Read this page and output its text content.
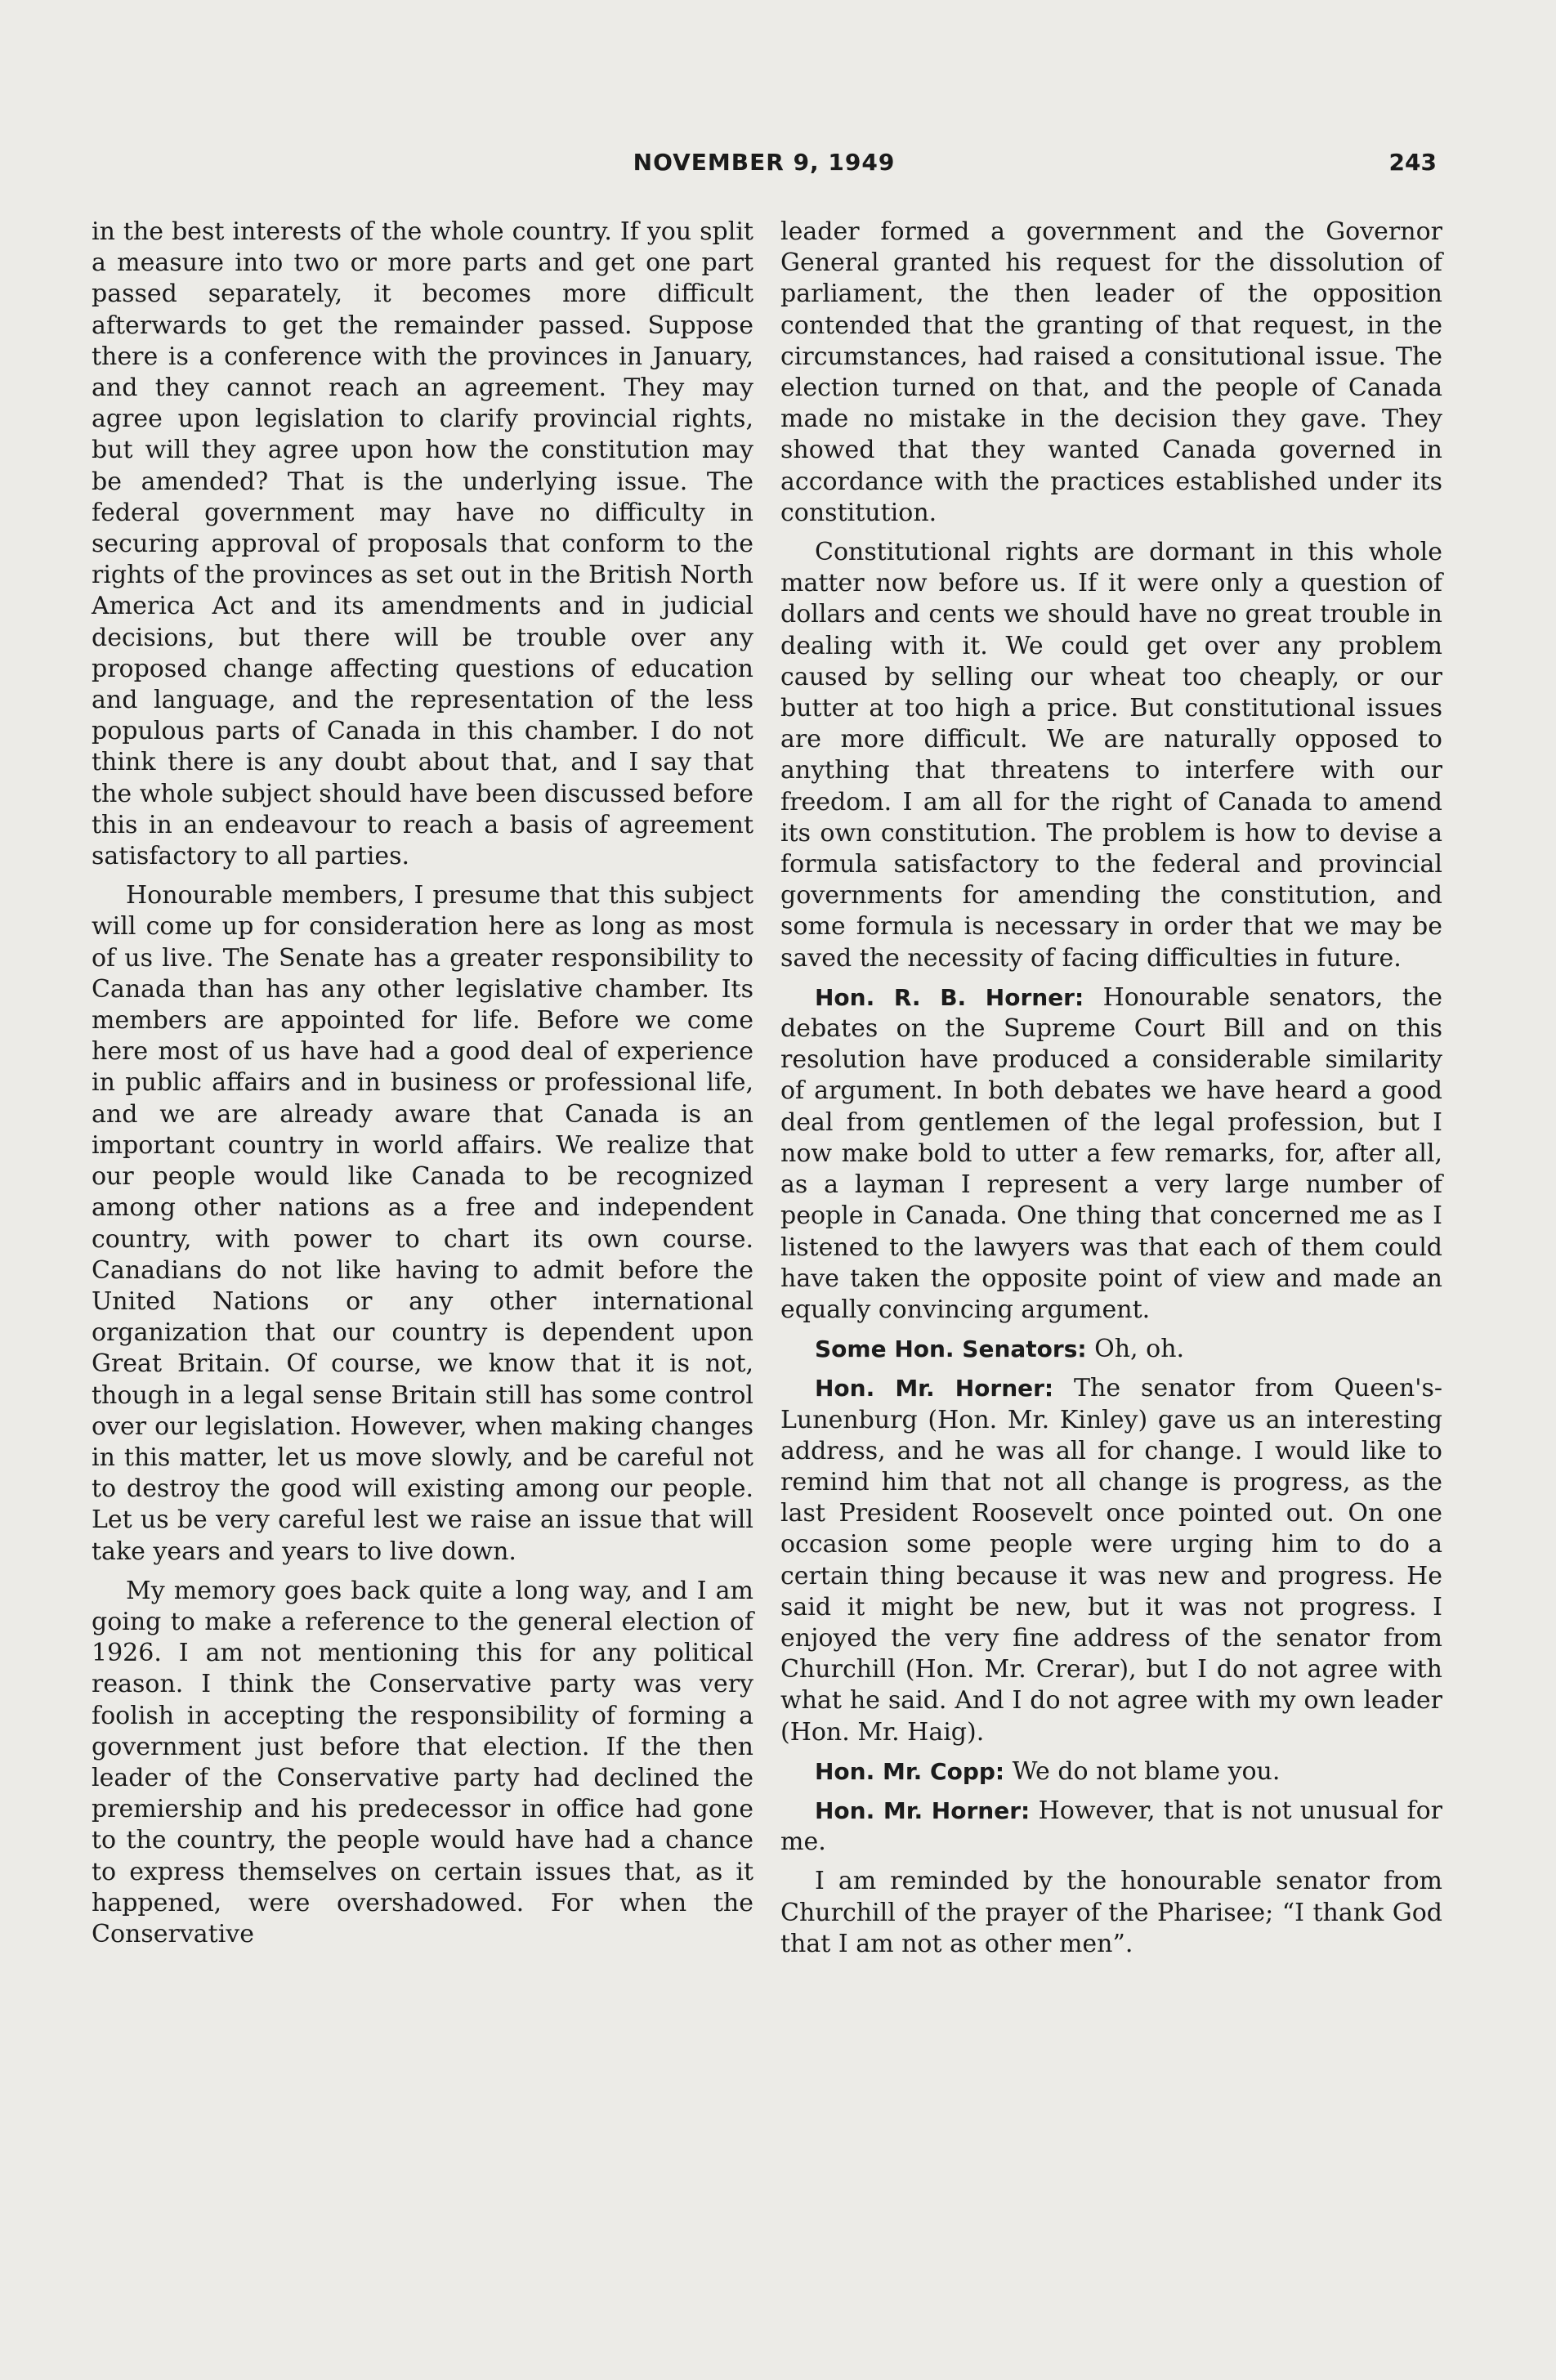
NOVEMBER 9, 1949	243

in the best interests of the whole country. If you split a measure into two or more parts and get one part passed separately, it becomes more difficult afterwards to get the remainder passed. Suppose there is a conference with the provinces in January, and they cannot reach an agreement. They may agree upon legislation to clarify provincial rights, but will they agree upon how the constitution may be amended? That is the underlying issue. The federal government may have no difficulty in securing approval of proposals that conform to the rights of the provinces as set out in the British North America Act and its amendments and in judicial decisions, but there will be trouble over any proposed change affecting questions of education and language, and the representation of the less populous parts of Canada in this chamber. I do not think there is any doubt about that, and I say that the whole subject should have been discussed before this in an endeavour to reach a basis of agreement satisfactory to all parties.

Honourable members, I presume that this subject will come up for consideration here as long as most of us live. The Senate has a greater responsibility to Canada than has any other legislative chamber. Its members are appointed for life. Before we come here most of us have had a good deal of experience in public affairs and in business or professional life, and we are already aware that Canada is an important country in world affairs. We realize that our people would like Canada to be recognized among other nations as a free and independent country, with power to chart its own course. Canadians do not like having to admit before the United Nations or any other international organization that our country is dependent upon Great Britain. Of course, we know that it is not, though in a legal sense Britain still has some control over our legislation. However, when making changes in this matter, let us move slowly, and be careful not to destroy the good will existing among our people. Let us be very careful lest we raise an issue that will take years and years to live down.

My memory goes back quite a long way, and I am going to make a reference to the general election of 1926. I am not mentioning this for any political reason. I think the Conservative party was very foolish in accepting the responsibility of forming a government just before that election. If the then leader of the Conservative party had declined the premiership and his predecessor in office had gone to the country, the people would have had a chance to express themselves on certain issues that, as it happened, were overshadowed. For when the Conservative

leader formed a government and the Governor General granted his request for the dissolution of parliament, the then leader of the opposition contended that the granting of that request, in the circumstances, had raised a consitutional issue. The election turned on that, and the people of Canada made no mistake in the decision they gave. They showed that they wanted Canada governed in accordance with the practices established under its constitution.

Constitutional rights are dormant in this whole matter now before us. If it were only a question of dollars and cents we should have no great trouble in dealing with it. We could get over any problem caused by selling our wheat too cheaply, or our butter at too high a price. But constitutional issues are more difficult. We are naturally opposed to anything that threatens to interfere with our freedom. I am all for the right of Canada to amend its own constitution. The problem is how to devise a formula satisfactory to the federal and provincial governments for amending the constitution, and some formula is necessary in order that we may be saved the necessity of facing difficulties in future.

Hon. R. B. Horner: Honourable senators, the debates on the Supreme Court Bill and on this resolution have produced a considerable similarity of argument. In both debates we have heard a good deal from gentlemen of the legal profession, but I now make bold to utter a few remarks, for, after all, as a layman I represent a very large number of people in Canada. One thing that concerned me as I listened to the lawyers was that each of them could have taken the opposite point of view and made an equally convincing argument.

Some Hon. Senators: Oh, oh.

Hon. Mr. Horner: The senator from Queen's-Lunenburg (Hon. Mr. Kinley) gave us an interesting address, and he was all for change. I would like to remind him that not all change is progress, as the last President Roosevelt once pointed out. On one occasion some people were urging him to do a certain thing because it was new and progress. He said it might be new, but it was not progress. I enjoyed the very fine address of the senator from Churchill (Hon. Mr. Crerar), but I do not agree with what he said. And I do not agree with my own leader (Hon. Mr. Haig).

Hon. Mr. Copp: We do not blame you.

Hon. Mr. Horner: However, that is not unusual for me.

I am reminded by the honourable senator from Churchill of the prayer of the Pharisee; “I thank God that I am not as other men”.
